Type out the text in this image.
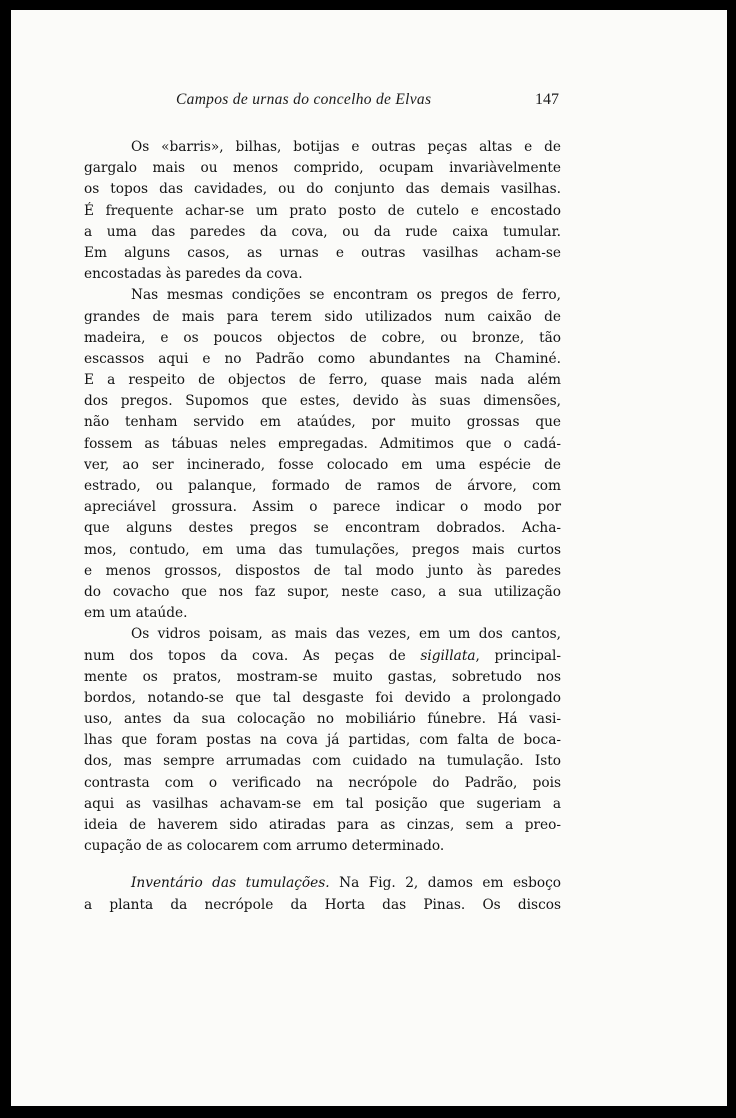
Campos de urnas do concelho de Elvas	147
Os «barris», bilhas, botijas e outras peças altas e de
gargalo mais ou menos comprido, ocupam invariàvelmente
os topos das cavidades, ou do conjunto das demais vasilhas.
É frequente achar-se um prato posto de cutelo e encostado
a uma das paredes da cova, ou da rude caixa tumular.
Em alguns casos, as urnas e outras vasilhas acham-se
encostadas às paredes da cova.
Nas mesmas condições se encontram os pregos de ferro,
grandes de mais para terem sido utilizados num caixão de
madeira, e os poucos objectos de cobre, ou bronze, tão
escassos aqui e no Padrão como abundantes na Chaminé.
E a respeito de objectos de ferro, quase mais nada além
dos pregos. Supomos que estes, devido às suas dimensões,
não tenham servido em ataúdes, por muito grossas que
fossem as tábuas neles empregadas. Admitimos que o cadá-
ver, ao ser incinerado, fosse colocado em uma espécie de
estrado, ou palanque, formado de ramos de árvore, com
apreciável grossura. Assim o parece indicar o modo por
que alguns destes pregos se encontram dobrados. Acha-
mos, contudo, em uma das tumulações, pregos mais curtos
e menos grossos, dispostos de tal modo junto às paredes
do covacho que nos faz supor, neste caso, a sua utilização
em um ataúde.
Os vidros poisam, as mais das vezes, em um dos cantos,
num dos topos da cova. As peças de sigillata, principal-
mente os pratos, mostram-se muito gastas, sobretudo nos
bordos, notando-se que tal desgaste foi devido a prolongado
uso, antes da sua colocação no mobiliário fúnebre. Há vasi-
lhas que foram postas na cova já partidas, com falta de boca-
dos, mas sempre arrumadas com cuidado na tumulação. Isto
contrasta com o verificado na necrópole do Padrão, pois
aqui as vasilhas achavam-se em tal posição que sugeriam a
ideia de haverem sido atiradas para as cinzas, sem a preo-
cupação de as colocarem com arrumo determinado.
Inventário das tumulações. Na Fig. 2, damos em esboço
a planta da necrópole da Horta das Pinas. Os discos
